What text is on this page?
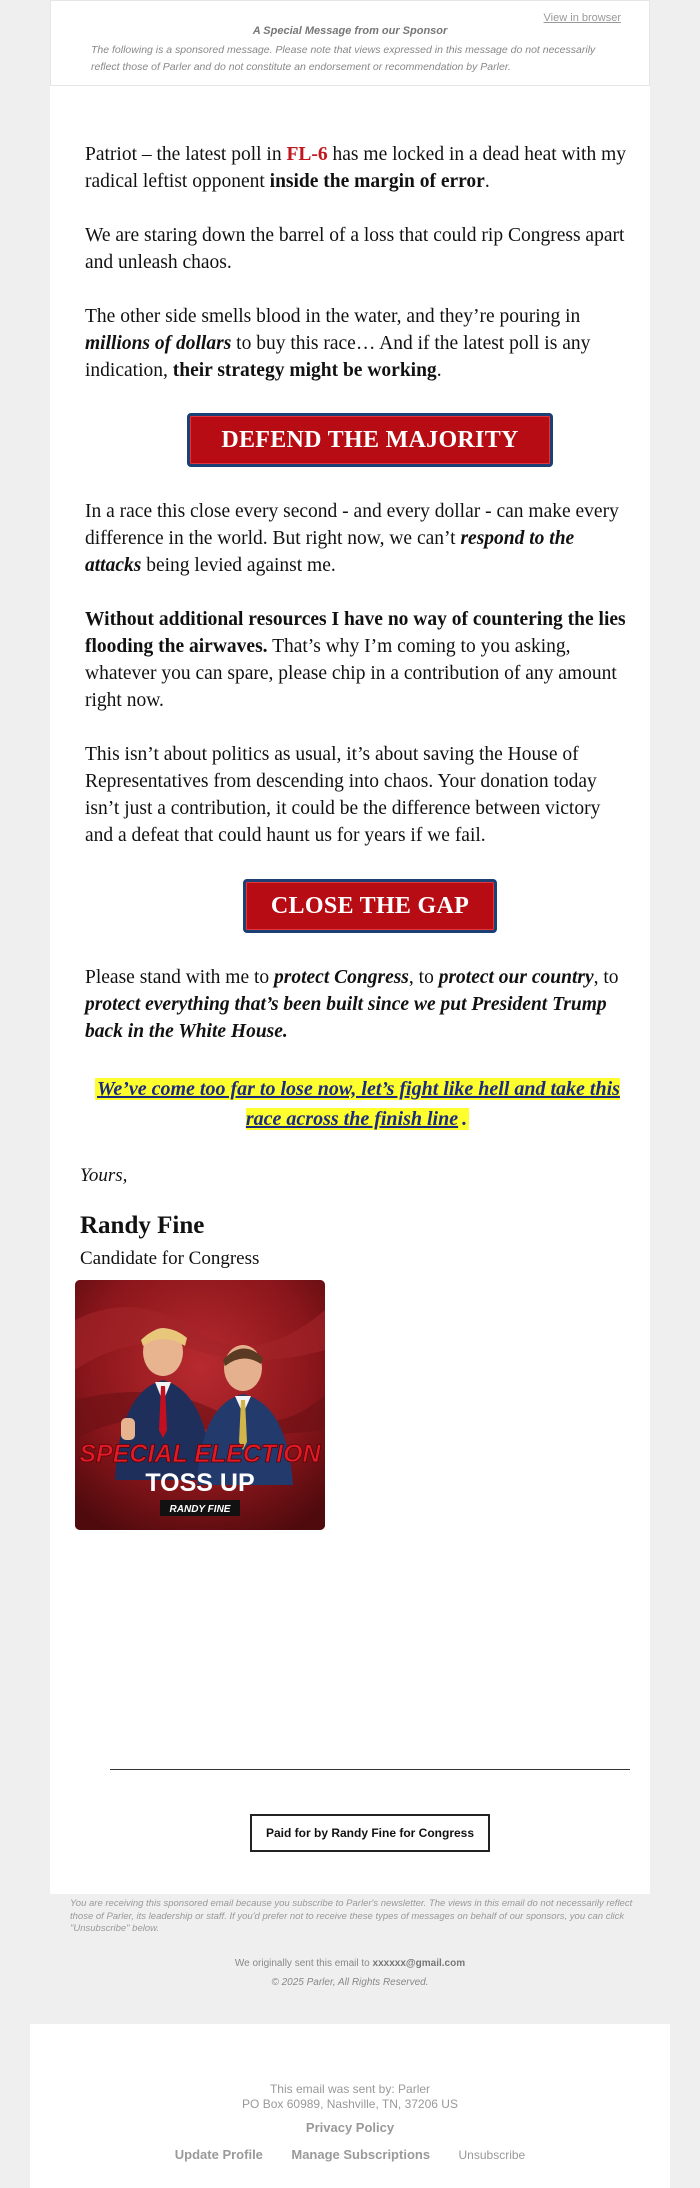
View in browser
A Special Message from our Sponsor
The following is a sponsored message. Please note that views expressed in this message do not necessarily reflect those of Parler and do not constitute an endorsement or recommendation by Parler.
Patriot – the latest poll in FL-6 has me locked in a dead heat with my radical leftist opponent inside the margin of error.
We are staring down the barrel of a loss that could rip Congress apart and unleash chaos.
The other side smells blood in the water, and they’re pouring in millions of dollars to buy this race… And if the latest poll is any indication, their strategy might be working.
DEFEND THE MAJORITY
In a race this close every second - and every dollar - can make every difference in the world. But right now, we can’t respond to the attacks being levied against me.
Without additional resources I have no way of countering the lies flooding the airwaves. That’s why I’m coming to you asking, whatever you can spare, please chip in a contribution of any amount right now.
This isn’t about politics as usual, it’s about saving the House of Representatives from descending into chaos. Your donation today isn’t just a contribution, it could be the difference between victory and a defeat that could haunt us for years if we fail.
CLOSE THE GAP
Please stand with me to protect Congress, to protect our country, to protect everything that’s been built since we put President Trump back in the White House.
We’ve come too far to lose now, let’s fight like hell and take this race across the finish line .
Yours,
Randy Fine
Candidate for Congress
SPECIAL ELECTION
TOSS UP
RANDY FINE
Paid for by Randy Fine for Congress
You are receiving this sponsored email because you subscribe to Parler's newsletter. The views in this email do not necessarily reflect those of Parler, its leadership or staff. If you'd prefer not to receive these types of messages on behalf of our sponsors, you can click "Unsubscribe" below.
We originally sent this email to xxxxxx@gmail.com
© 2025 Parler, All Rights Reserved.
This email was sent by: Parler
PO Box 60989, Nashville, TN, 37206 US
Privacy Policy
Update Profile Manage Subscriptions Unsubscribe
